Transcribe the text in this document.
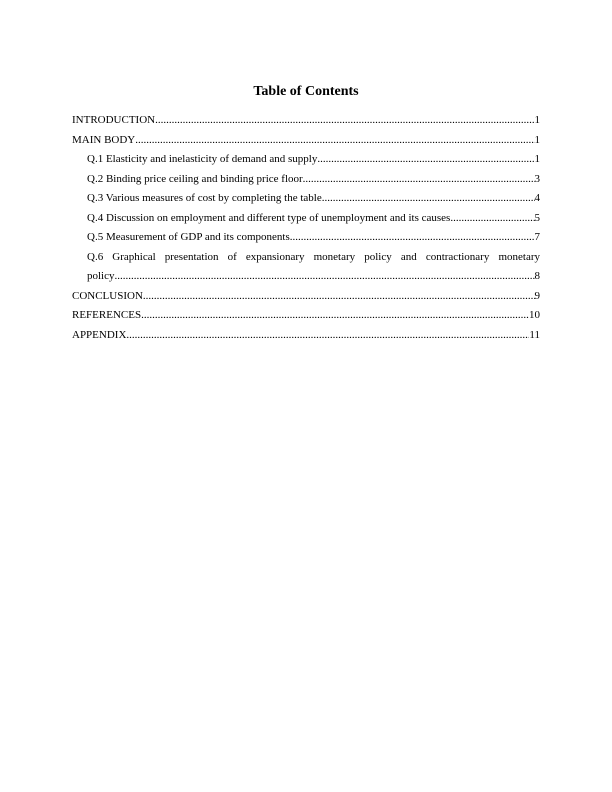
Table of Contents
INTRODUCTION .....	1
MAIN BODY .....	1
Q.1 Elasticity and inelasticity of demand and supply .....	1
Q.2 Binding price ceiling and binding price floor .....	3
Q.3 Various measures of cost by completing the table .....	4
Q.4 Discussion on employment and different type of unemployment and its causes .....	5
Q.5 Measurement of GDP and its components .....	7
Q.6 Graphical presentation of expansionary monetary policy and contractionary monetary
policy .....	8
CONCLUSION .....	9
REFERENCES .....	10
APPENDIX .....	11
